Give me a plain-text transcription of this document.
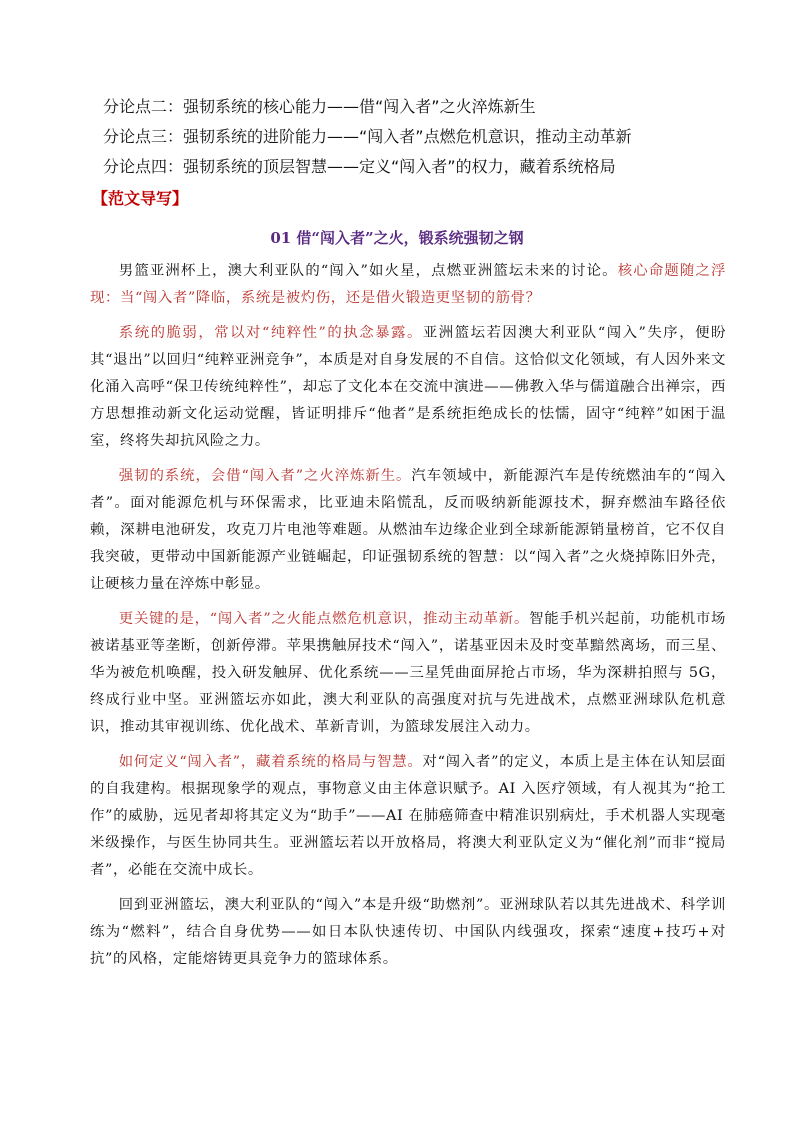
分论点二：强韧系统的核心能力——借“闯入者”之火淬炼新生
分论点三：强韧系统的进阶能力——“闯入者”点燃危机意识，推动主动革新
分论点四：强韧系统的顶层智慧——定义“闯入者”的权力，藏着系统格局
【范文导写】
01 借“闯入者”之火，锻系统强韧之钢

男篮亚洲杯上，澳大利亚队的“闯入”如火星，点燃亚洲篮坛未来的讨论。核心命题随之浮现：当“闯入者”降临，系统是被灼伤，还是借火锻造更坚韧的筋骨？

系统的脆弱，常以对“纯粹性”的执念暴露。亚洲篮坛若因澳大利亚队“闯入”失序，便盼其“退出”以回归“纯粹亚洲竞争”，本质是对自身发展的不自信。这恰似文化领域，有人因外来文化涌入高呼“保卫传统纯粹性”，却忘了文化本在交流中演进——佛教入华与儒道融合出禅宗，西方思想推动新文化运动觉醒，皆证明排斥“他者”是系统拒绝成长的怯懦，固守“纯粹”如困于温室，终将失却抗风险之力。

强韧的系统，会借“闯入者”之火淬炼新生。汽车领域中，新能源汽车是传统燃油车的“闯入者”。面对能源危机与环保需求，比亚迪未陷慌乱，反而吸纳新能源技术，摒弃燃油车路径依赖，深耕电池研发，攻克刀片电池等难题。从燃油车边缘企业到全球新能源销量榜首，它不仅自我突破，更带动中国新能源产业链崛起，印证强韧系统的智慧：以“闯入者”之火烧掉陈旧外壳，让硬核力量在淬炼中彰显。

更关键的是，“闯入者”之火能点燃危机意识，推动主动革新。智能手机兴起前，功能机市场被诺基亚等垄断，创新停滞。苹果携触屏技术“闯入”，诺基亚因未及时变革黯然离场，而三星、华为被危机唤醒，投入研发触屏、优化系统——三星凭曲面屏抢占市场，华为深耕拍照与 5G，终成行业中坚。亚洲篮坛亦如此，澳大利亚队的高强度对抗与先进战术，点燃亚洲球队危机意识，推动其审视训练、优化战术、革新青训，为篮球发展注入动力。

如何定义“闯入者”，藏着系统的格局与智慧。对“闯入者”的定义，本质上是主体在认知层面的自我建构。根据现象学的观点，事物意义由主体意识赋予。AI 入医疗领域，有人视其为“抢工作”的威胁，远见者却将其定义为“助手”——AI 在肺癌筛查中精准识别病灶，手术机器人实现毫米级操作，与医生协同共生。亚洲篮坛若以开放格局，将澳大利亚队定义为“催化剂”而非“搅局者”，必能在交流中成长。

回到亚洲篮坛，澳大利亚队的“闯入”本是升级“助燃剂”。亚洲球队若以其先进战术、科学训练为“燃料”，结合自身优势——如日本队快速传切、中国队内线强攻，探索“速度+技巧+对抗”的风格，定能熔铸更具竞争力的篮球体系。
